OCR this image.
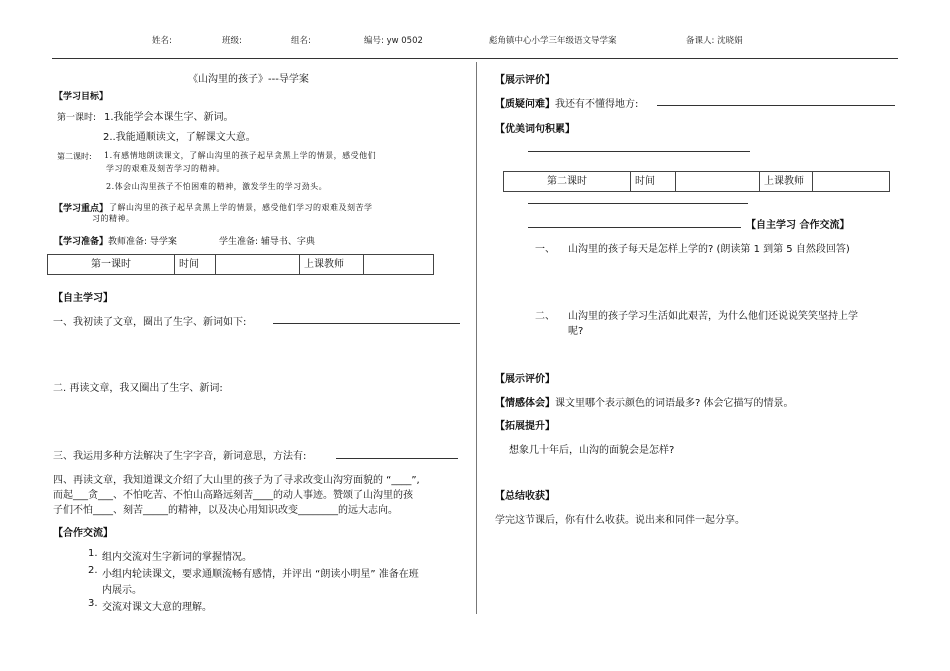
姓名:	班级:	组名:	编号: yw 0502	彪角镇中心小学三年级语文导学案	备课人: 沈晓娟
《山沟里的孩子》---导学案
【学习目标】
第一课时: 1.我能学会本课生字、新词。
2..我能通顺读文，了解课文大意。
第二课时: 1.有感情地朗读课文，了解山沟里的孩子起早贪黑上学的情景，感受他们
学习的艰难及刻苦学习的精神。
2.体会山沟里孩子不怕困难的精神，激发学生的学习劲头。
【学习重点】 了解山沟里的孩子起早贪黑上学的情景，感受他们学习的艰难及刻苦学
习的精神。
【学习准备】教师准备: 导学案	学生准备: 辅导书、字典
第一课时	时间		上课教师	
【自主学习】
一、我初读了文章，圈出了生字、新词如下:
二. 再读文章，我又圈出了生字、新词:
三、我运用多种方法解决了生字字音，新词意思，方法有:
四、再读文章，我知道课文介绍了大山里的孩子为了寻求改变山沟穷面貌的 “____”,
而起___贪___、不怕吃苦、不怕山高路远刻苦____的动人事迹。赞颂了山沟里的孩
子们不怕____、刻苦_____的精神，以及决心用知识改变________的远大志向。
【合作交流】
1. 组内交流对生字新词的掌握情况。
2. 小组内轮读课文，要求通顺流畅有感情，并评出 “朗读小明星” 准备在班
内展示。
3. 交流对课文大意的理解。
【展示评价】
【质疑问难】我还有不懂得地方:
【优美词句积累】
第二课时	时间		上课教师	
【自主学习 合作交流】
一、 山沟里的孩子每天是怎样上学的? (朗读第 1 到第 5 自然段回答)
二、 山沟里的孩子学习生活如此艰苦，为什么他们还说说笑笑坚持上学
呢?
【展示评价】
【情感体会】课文里哪个表示颜色的词语最多? 体会它描写的情景。
【拓展提升】
想象几十年后，山沟的面貌会是怎样?
【总结收获】
学完这节课后，你有什么收获。说出来和同伴一起分享。
